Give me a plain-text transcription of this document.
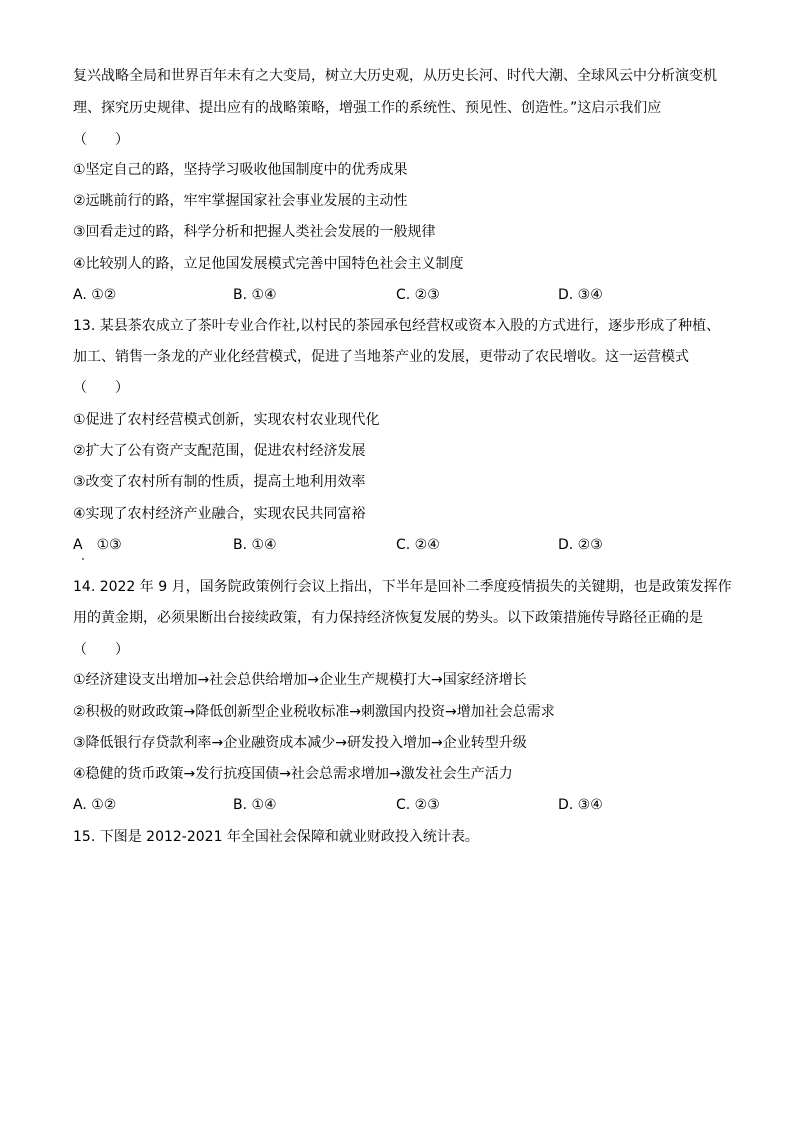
复兴战略全局和世界百年未有之大变局，树立大历史观，从历史长河、时代大潮、全球风云中分析演变机
理、探究历史规律、提出应有的战略策略，增强工作的系统性、预见性、创造性。”这启示我们应
（　　）
①坚定自己的路，坚持学习吸收他国制度中的优秀成果
②远眺前行的路，牢牢掌握国家社会事业发展的主动性
③回看走过的路，科学分析和把握人类社会发展的一般规律
④比较别人的路，立足他国发展模式完善中国特色社会主义制度
A. ①②	B. ①④	C. ②③	D. ③④
13. 某县茶农成立了茶叶专业合作社,以村民的茶园承包经营权或资本入股的方式进行，逐步形成了种植、
加工、销售一条龙的产业化经营模式，促进了当地茶产业的发展，更带动了农民增收。这一运营模式
（　　）
①促进了农村经营模式创新，实现农村农业现代化
②扩大了公有资产支配范围，促进农村经济发展
③改变了农村所有制的性质，提高土地利用效率
④实现了农村经济产业融合，实现农民共同富裕
A　①③	B. ①④	C. ②④	D. ②③
14. 2022 年 9 月，国务院政策例行会议上指出，下半年是回补二季度疫情损失的关键期，也是政策发挥作
用的黄金期，必须果断出台接续政策，有力保持经济恢复发展的势头。以下政策措施传导路径正确的是
（　　）
①经济建设支出增加→社会总供给增加→企业生产规模打大→国家经济增长
②积极的财政政策→降低创新型企业税收标准→刺激国内投资→增加社会总需求
③降低银行存贷款利率→企业融资成本减少→研发投入增加→企业转型升级
④稳健的货币政策→发行抗疫国债→社会总需求增加→激发社会生产活力
A. ①②	B. ①④	C. ②③	D. ③④
15. 下图是 2012-2021 年全国社会保障和就业财政投入统计表。
